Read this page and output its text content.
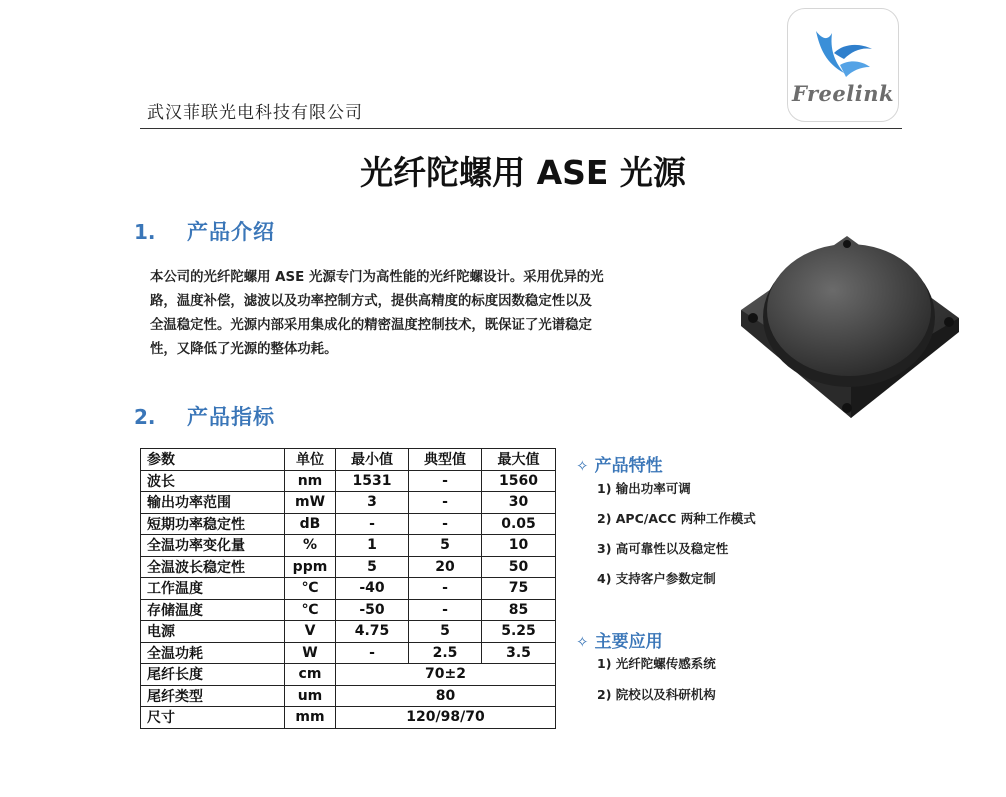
武汉菲联光电科技有限公司
Freelink
光纤陀螺用 ASE 光源
1. 产品介绍
本公司的光纤陀螺用 ASE 光源专门为高性能的光纤陀螺设计。采用优异的光
路，温度补偿，滤波以及功率控制方式，提供高精度的标度因数稳定性以及
全温稳定性。光源内部采用集成化的精密温度控制技术，既保证了光谱稳定
性，又降低了光源的整体功耗。
2. 产品指标
参数	单位	最小值	典型值	最大值
波长	nm	1531	-	1560
输出功率范围	mW	3	-	30
短期功率稳定性	dB	-	-	0.05
全温功率变化量	%	1	5	10
全温波长稳定性	ppm	5	20	50
工作温度	℃	-40	-	75
存储温度	℃	-50	-	85
电源	V	4.75	5	5.25
全温功耗	W	-	2.5	3.5
尾纤长度	cm	70±2		
尾纤类型	um	80		
尺寸	mm	120/98/70		
✧ 产品特性
1) 输出功率可调
2) APC/ACC 两种工作模式
3) 高可靠性以及稳定性
4) 支持客户参数定制
✧ 主要应用
1) 光纤陀螺传感系统
2) 院校以及科研机构
